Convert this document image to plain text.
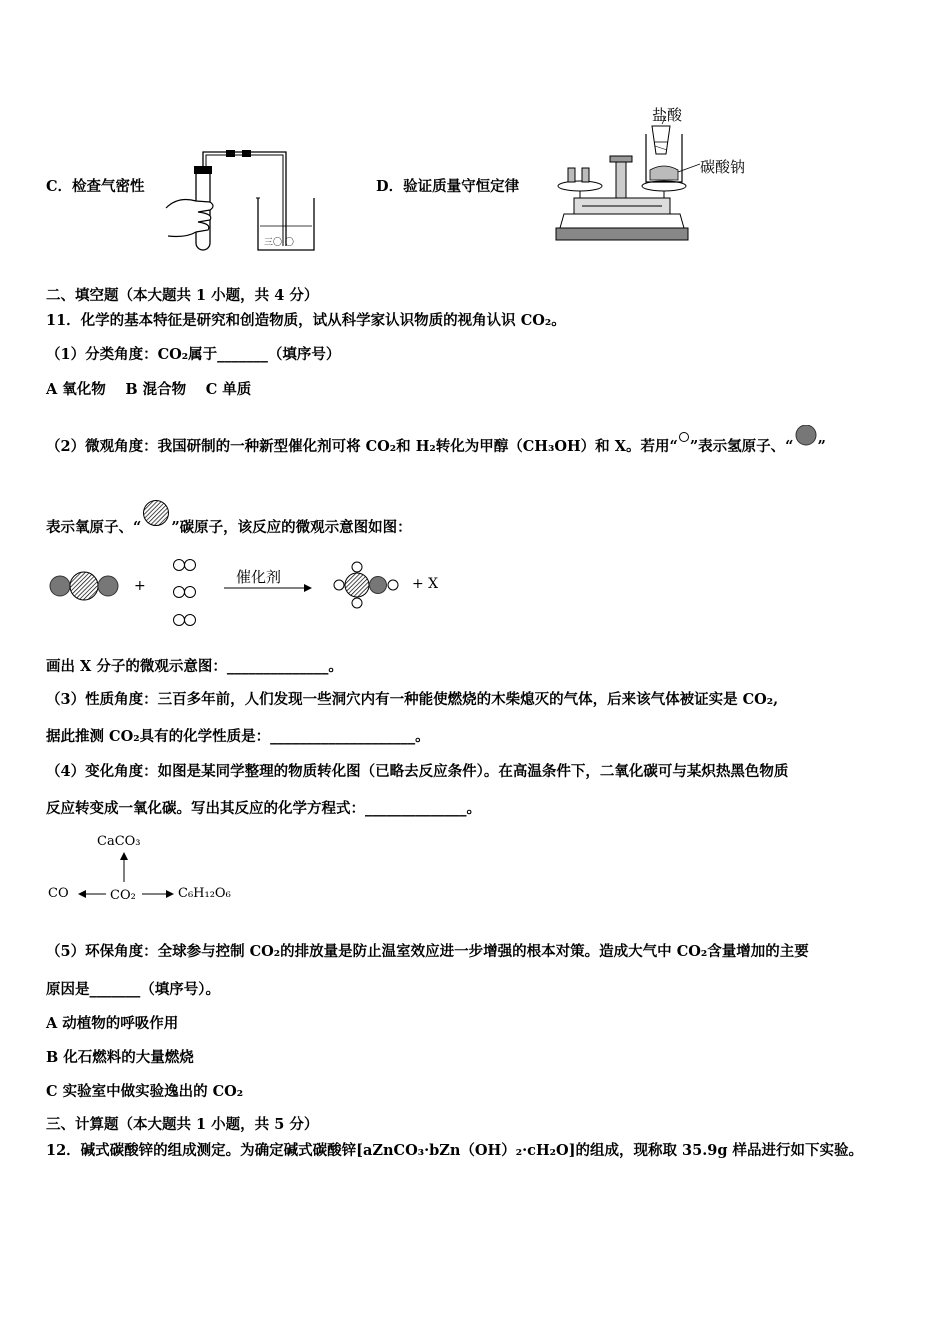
C．检查气密性
三〇 〇
D．验证质量守恒定律
盐酸
碳酸钠
二、填空题（本大题共 1 小题，共 4 分）
11．化学的基本特征是研究和创造物质，试从科学家认识物质的视角认识 CO₂。
（1）分类角度：CO₂属于_______（填序号）
A 氧化物　 B 混合物　 C 单质
（2）微观角度：我国研制的一种新型催化剂可将 CO₂和 H₂转化为甲醇（CH₃OH）和 X。若用“ ”表示氢原子、“ ”
表示氧原子、“ ”碳原子，该反应的微观示意图如图：
+	催化剂	+ X
画出 X 分子的微观示意图：______________。
（3）性质角度：三百多年前，人们发现一些洞穴内有一种能使燃烧的木柴熄灭的气体，后来该气体被证实是 CO₂,
据此推测 CO₂具有的化学性质是：____________________。
（4）变化角度：如图是某同学整理的物质转化图（已略去反应条件）。在高温条件下，二氧化碳可与某炽热黑色物质
反应转变成一氧化碳。写出其反应的化学方程式：______________。
CaCO₃
CO	CO₂	C₆H₁₂O₆
（5）环保角度：全球参与控制 CO₂的排放量是防止温室效应进一步增强的根本对策。造成大气中 CO₂含量增加的主要
原因是_______（填序号）。
A 动植物的呼吸作用
B 化石燃料的大量燃烧
C 实验室中做实验逸出的 CO₂
三、计算题（本大题共 1 小题，共 5 分）
12．碱式碳酸锌的组成测定。为确定碱式碳酸锌[aZnCO₃·bZn（OH）₂·cH₂O]的组成，现称取 35.9g 样品进行如下实验。
